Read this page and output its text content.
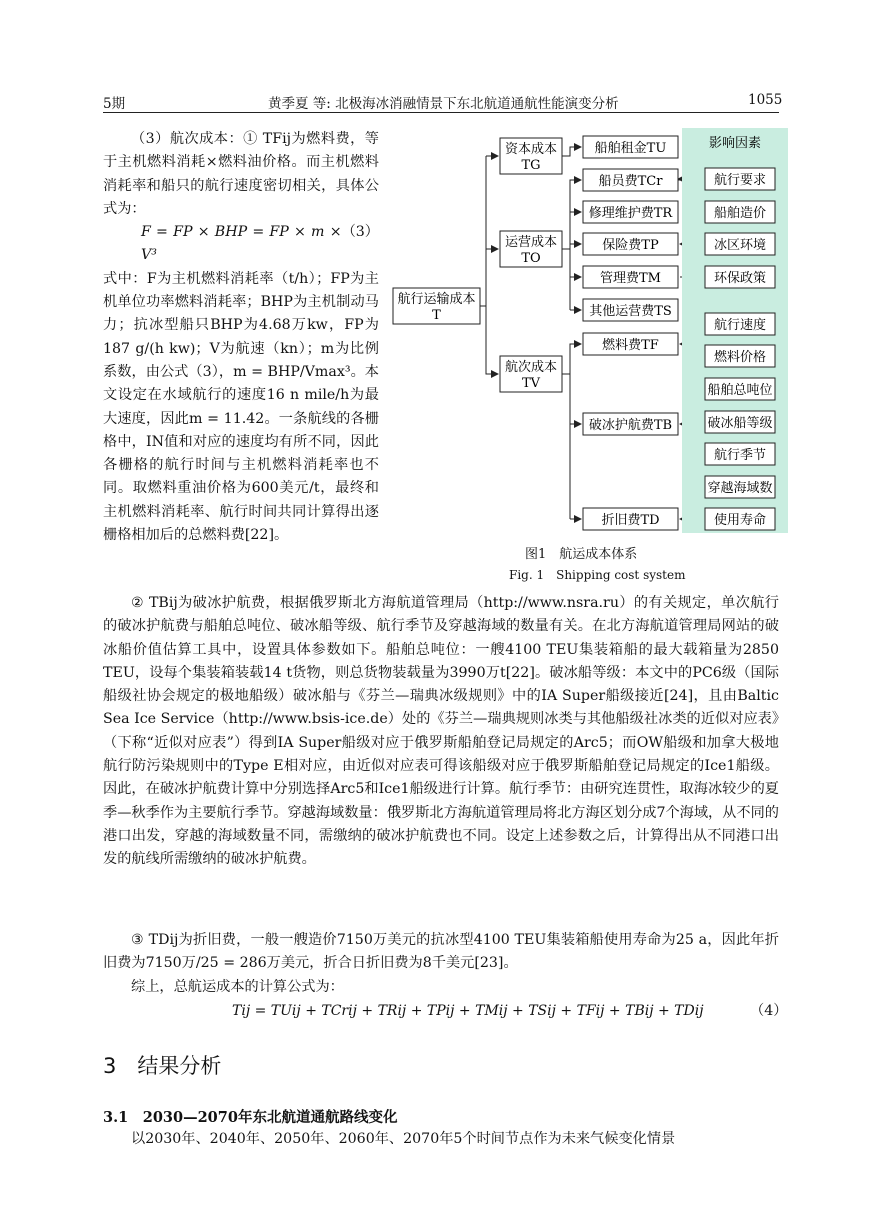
5期	黄季夏 等: 北极海冰消融情景下东北航道通航性能演变分析	1055

（3）航次成本：① TFij为燃料费，等于主机燃料消耗×燃料油价格。而主机燃料消耗率和船只的航行速度密切相关，具体公式为：

F = FP × BHP = FP × m × V³
（3）

式中：F为主机燃料消耗率（t/h）；FP为主机单位功率燃料消耗率；BHP为主机制动马力；抗冰型船只BHP为4.68万kw，FP为187 g/(h kw)；V为航速（kn）；m为比例系数，由公式（3），m = BHP/Vmax³。本文设定在水域航行的速度16 n mile/h为最大速度，因此m = 11.42。一条航线的各栅格中，IN值和对应的速度均有所不同，因此各栅格的航行时间与主机燃料消耗率也不同。取燃料重油价格为600美元/t，最终和主机燃料消耗率、航行时间共同计算得出逐栅格相加后的总燃料费[22]。

航行运输成本
T
资本成本
TG
运营成本
TO
航次成本
TV
船舶租金TU
船员费TCr
修理维护费TR
保险费TP
管理费TM
其他运营费TS
燃料费TF
破冰护航费TB
折旧费TD
影响因素
航行要求
船舶造价
冰区环境
环保政策
航行速度
燃料价格
船舶总吨位
破冰船等级
航行季节
穿越海域数
使用寿命
图1　航运成本体系
Fig. 1　Shipping cost system

② TBij为破冰护航费，根据俄罗斯北方海航道管理局（http://www.nsra.ru）的有关规定，单次航行的破冰护航费与船舶总吨位、破冰船等级、航行季节及穿越海域的数量有关。在北方海航道管理局网站的破冰船价值估算工具中，设置具体参数如下。船舶总吨位：一艘4100 TEU集装箱船的最大载箱量为2850 TEU，设每个集装箱装载14 t货物，则总货物装载量为3990万t[22]。破冰船等级：本文中的PC6级（国际船级社协会规定的极地船级）破冰船与《芬兰—瑞典冰级规则》中的IA Super船级接近[24]，且由Baltic Sea Ice Service（http://www.bsis-ice.de）处的《芬兰—瑞典规则冰类与其他船级社冰类的近似对应表》（下称“近似对应表”）得到IA Super船级对应于俄罗斯船舶登记局规定的Arc5；而OW船级和加拿大极地航行防污染规则中的Type E相对应，由近似对应表可得该船级对应于俄罗斯船舶登记局规定的Ice1船级。因此，在破冰护航费计算中分别选择Arc5和Ice1船级进行计算。航行季节：由研究连贯性，取海冰较少的夏季—秋季作为主要航行季节。穿越海域数量：俄罗斯北方海航道管理局将北方海区划分成7个海域，从不同的港口出发，穿越的海域数量不同，需缴纳的破冰护航费也不同。设定上述参数之后，计算得出从不同港口出发的航线所需缴纳的破冰护航费。

③ TDij为折旧费，一般一艘造价7150万美元的抗冰型4100 TEU集装箱船使用寿命为25 a，因此年折旧费为7150万/25 = 286万美元，折合日折旧费为8千美元[23]。

综上，总航运成本的计算公式为：

Tij = TUij + TCrij + TRij + TPij + TMij + TSij + TFij + TBij + TDij	（4）
3　结果分析
3.1　2030—2070年东北航道通航路线变化

以2030年、2040年、2050年、2060年、2070年5个时间节点作为未来气候变化情景
